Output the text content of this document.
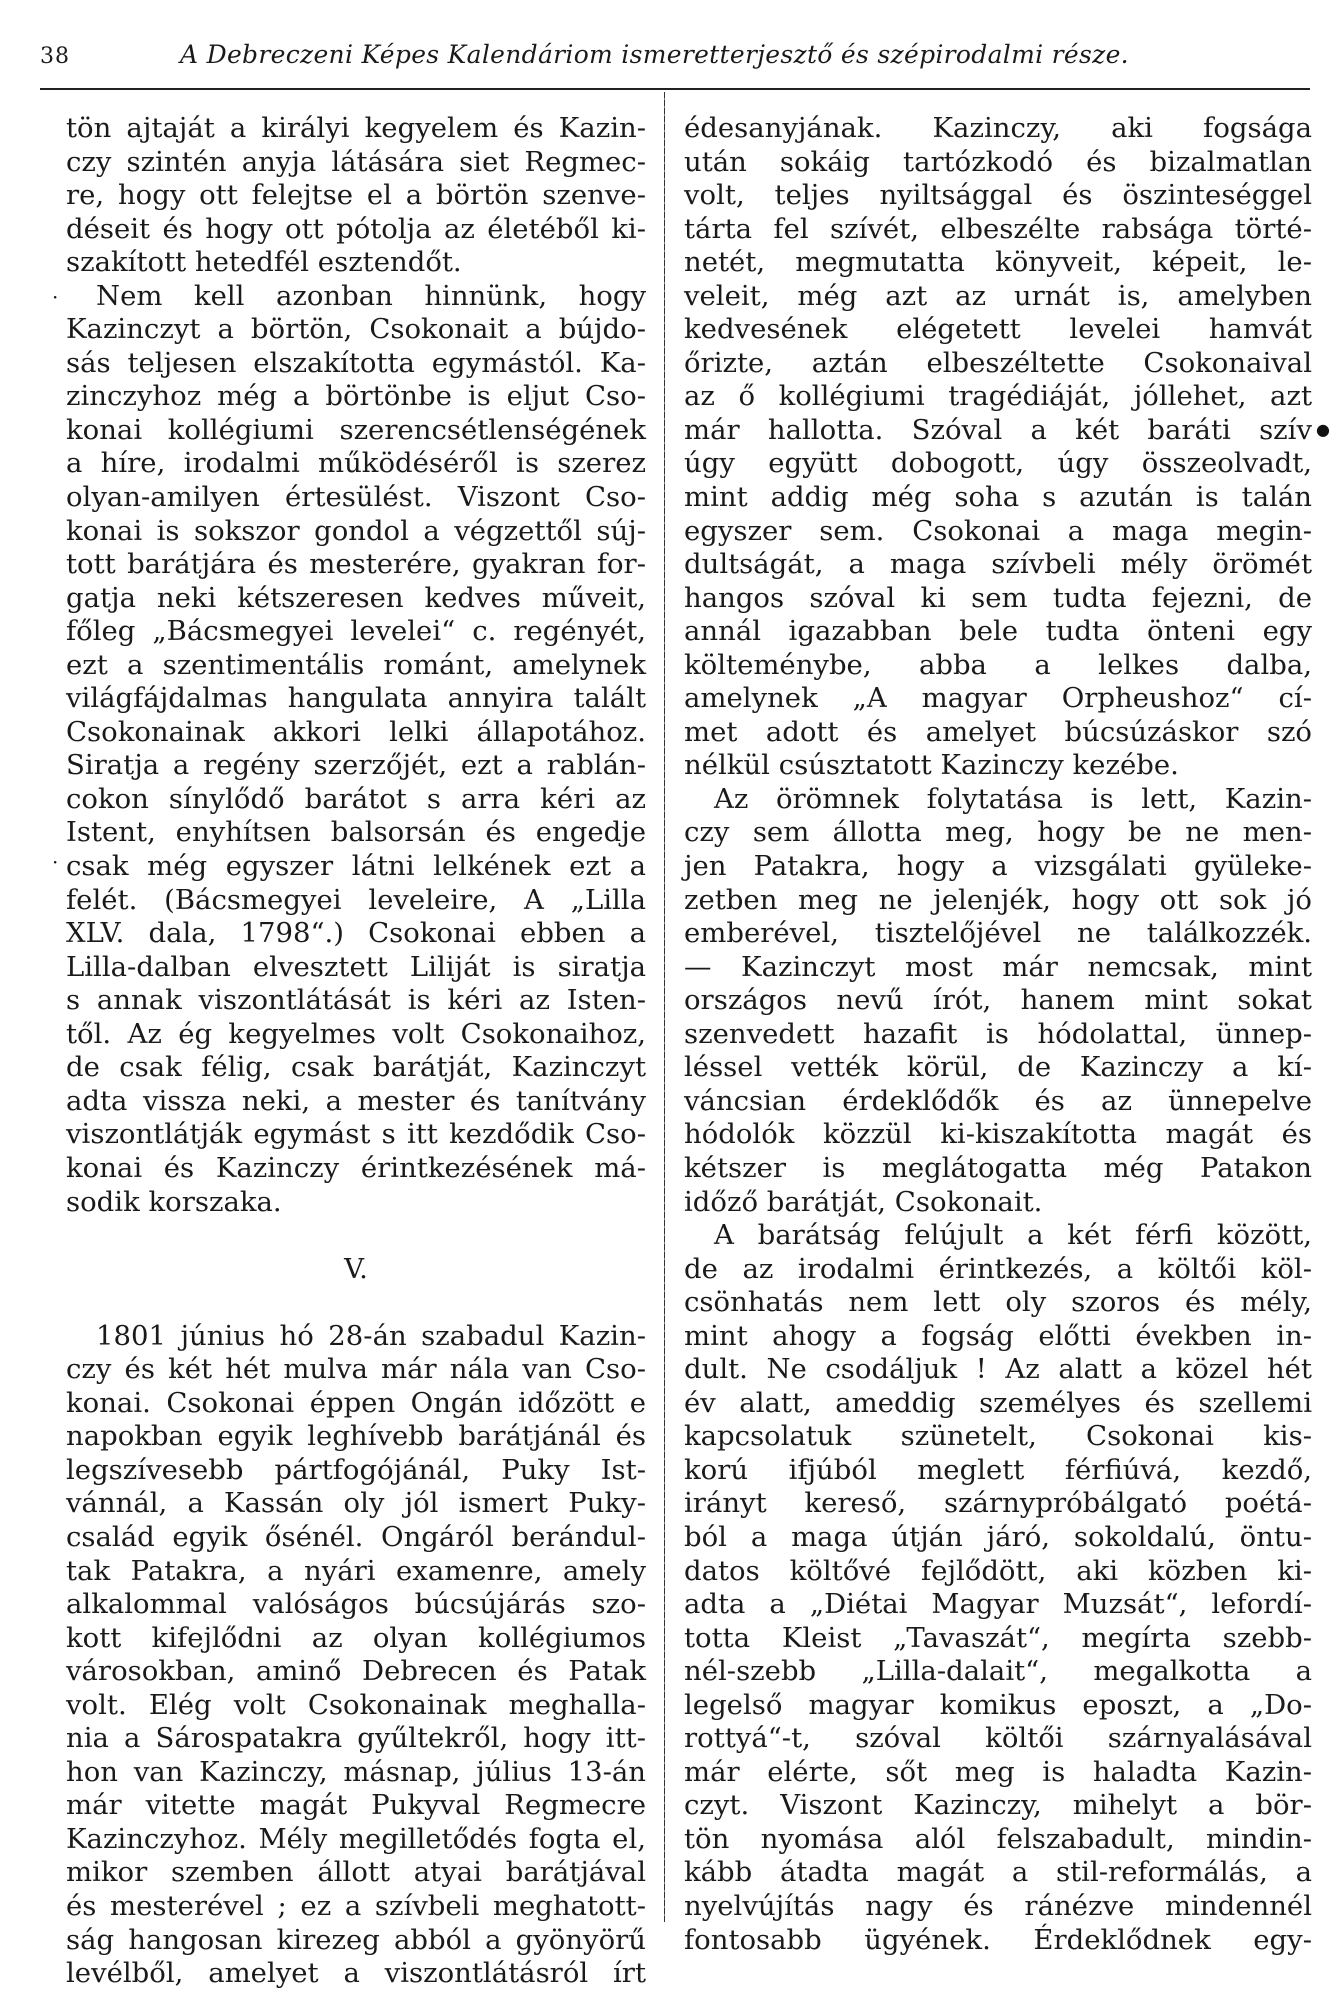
38	A Debreczeni Képes Kalendáriom ismeretterjesztő és szépirodalmi része.
tön ajtaját a királyi kegyelem és Kazin-
czy szintén anyja látására siet Regmec-
re, hogy ott felejtse el a börtön szenve-
déseit és hogy ott pótolja az életéből ki-
szakított hetedfél esztendőt.
Nem kell azonban hinnünk, hogy
Kazinczyt a börtön, Csokonait a bújdo-
sás teljesen elszakította egymástól. Ka-
zinczyhoz még a börtönbe is eljut Cso-
konai kollégiumi szerencsétlenségének
a híre, irodalmi működéséről is szerez
olyan-amilyen értesülést. Viszont Cso-
konai is sokszor gondol a végzettől súj-
tott barátjára és mesterére, gyakran for-
gatja neki kétszeresen kedves műveit,
főleg „Bácsmegyei levelei“ c. regényét,
ezt a szentimentális románt, amelynek
világfájdalmas hangulata annyira talált
Csokonainak akkori lelki állapotához.
Siratja a regény szerzőjét, ezt a rablán-
cokon sínylődő barátot s arra kéri az
Istent, enyhítsen balsorsán és engedje
csak még egyszer látni lelkének ezt a
felét. (Bácsmegyei leveleire, A „Lilla
XLV. dala, 1798“.) Csokonai ebben a
Lilla-dalban elvesztett Liliját is siratja
s annak viszontlátását is kéri az Isten-
től. Az ég kegyelmes volt Csokonaihoz,
de csak félig, csak barátját, Kazinczyt
adta vissza neki, a mester és tanítvány
viszontlátják egymást s itt kezdődik Cso-
konai és Kazinczy érintkezésének má-
sodik korszaka.
V.
1801 június hó 28-án szabadul Kazin-
czy és két hét mulva már nála van Cso-
konai. Csokonai éppen Ongán időzött e
napokban egyik leghívebb barátjánál és
legszívesebb pártfogójánál, Puky Ist-
vánnál, a Kassán oly jól ismert Puky-
család egyik ősénél. Ongáról berándul-
tak Patakra, a nyári examenre, amely
alkalommal valóságos búcsújárás szo-
kott kifejlődni az olyan kollégiumos
városokban, aminő Debrecen és Patak
volt. Elég volt Csokonainak meghalla-
nia a Sárospatakra gyűltekről, hogy itt-
hon van Kazinczy, másnap, július 13-án
már vitette magát Pukyval Regmecre
Kazinczyhoz. Mély megilletődés fogta el,
mikor szemben állott atyai barátjával
és mesterével ; ez a szívbeli meghatott-
ság hangosan kirezeg abból a gyönyörű
levélből, amelyet a viszontlátásról írt
édesanyjának. Kazinczy, aki fogsága
után sokáig tartózkodó és bizalmatlan
volt, teljes nyiltsággal és öszinteséggel
tárta fel szívét, elbeszélte rabsága törté-
netét, megmutatta könyveit, képeit, le-
veleit, még azt az urnát is, amelyben
kedvesének elégetett levelei hamvát
őrizte, aztán elbeszéltette Csokonaival
az ő kollégiumi tragédiáját, jóllehet, azt
már hallotta. Szóval a két baráti szív
úgy együtt dobogott, úgy összeolvadt,
mint addig még soha s azután is talán
egyszer sem. Csokonai a maga megin-
dultságát, a maga szívbeli mély örömét
hangos szóval ki sem tudta fejezni, de
annál igazabban bele tudta önteni egy
költeménybe, abba a lelkes dalba,
amelynek „A magyar Orpheushoz“ cí-
met adott és amelyet búcsúzáskor szó
nélkül csúsztatott Kazinczy kezébe.
Az örömnek folytatása is lett, Kazin-
czy sem állotta meg, hogy be ne men-
jen Patakra, hogy a vizsgálati gyüleke-
zetben meg ne jelenjék, hogy ott sok jó
emberével, tisztelőjével ne találkozzék.
— Kazinczyt most már nemcsak, mint
országos nevű írót, hanem mint sokat
szenvedett hazafit is hódolattal, ünnep-
léssel vették körül, de Kazinczy a kí-
váncsian érdeklődők és az ünnepelve
hódolók közzül ki-kiszakította magát és
kétszer is meglátogatta még Patakon
időző barátját, Csokonait.
A barátság felújult a két férfi között,
de az irodalmi érintkezés, a költői köl-
csönhatás nem lett oly szoros és mély,
mint ahogy a fogság előtti években in-
dult. Ne csodáljuk ! Az alatt a közel hét
év alatt, ameddig személyes és szellemi
kapcsolatuk szünetelt, Csokonai kis-
korú ifjúból meglett férfiúvá, kezdő,
irányt kereső, szárnypróbálgató poétá-
ból a maga útján járó, sokoldalú, öntu-
datos költővé fejlődött, aki közben ki-
adta a „Diétai Magyar Muzsát“, lefordí-
totta Kleist „Tavaszát“, megírta szebb-
nél-szebb „Lilla-dalait“, megalkotta a
legelső magyar komikus eposzt, a „Do-
rottyá“-t, szóval költői szárnyalásával
már elérte, sőt meg is haladta Kazin-
czyt. Viszont Kazinczy, mihelyt a bör-
tön nyomása alól felszabadult, mindin-
kább átadta magát a stil-reformálás, a
nyelvújítás nagy és ránézve mindennél
fontosabb ügyének. Érdeklődnek egy-
·
·
●
